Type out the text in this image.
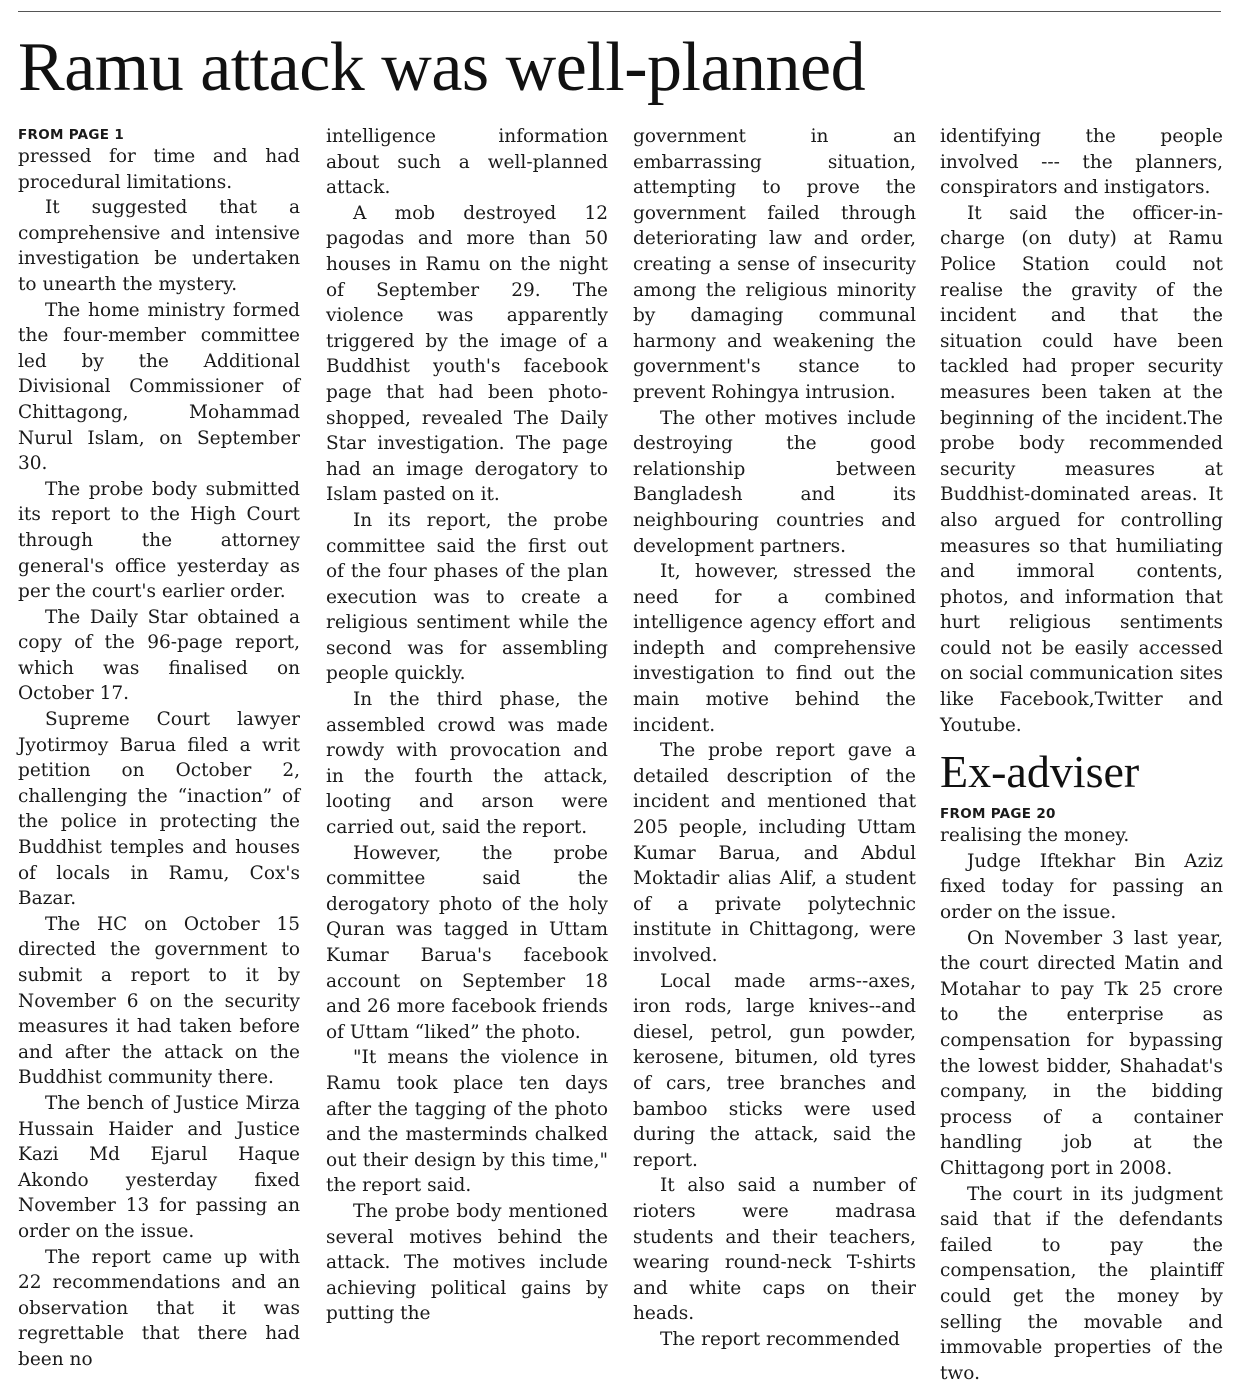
Ramu attack was well-planned
FROM PAGE 1

pressed for time and had procedural limitations.

It suggested that a comprehensive and intensive investigation be undertaken to unearth the mystery.

The home ministry formed the four-member committee led by the Additional Divisional Commissioner of Chittagong, Mohammad Nurul Islam, on September 30.

The probe body submitted its report to the High Court through the attorney general's office yesterday as per the court's earlier order.

The Daily Star obtained a copy of the 96-page report, which was finalised on October 17.

Supreme Court lawyer Jyotirmoy Barua filed a writ petition on October 2, challenging the “inaction” of the police in protecting the Buddhist temples and houses of locals in Ramu, Cox's Bazar.

The HC on October 15 directed the government to submit a report to it by November 6 on the security measures it had taken before and after the attack on the Buddhist community there.

The bench of Justice Mirza Hussain Haider and Justice Kazi Md Ejarul Haque Akondo yesterday fixed November 13 for passing an order on the issue.

The report came up with 22 recommendations and an observation that it was regrettable that there had been no

intelligence information about such a well-planned attack.

A mob destroyed 12 pagodas and more than 50 houses in Ramu on the night of September 29. The violence was apparently triggered by the image of a Buddhist youth's facebook page that had been photo-shopped, revealed The Daily Star investigation. The page had an image derogatory to Islam pasted on it.

In its report, the probe committee said the first out of the four phases of the plan execution was to create a religious sentiment while the second was for assembling people quickly.

In the third phase, the assembled crowd was made rowdy with provocation and in the fourth the attack, looting and arson were carried out, said the report.

However, the probe committee said the derogatory photo of the holy Quran was tagged in Uttam Kumar Barua's facebook account on September 18 and 26 more facebook friends of Uttam “liked” the photo.

"It means the violence in Ramu took place ten days after the tagging of the photo and the masterminds chalked out their design by this time," the report said.

The probe body mentioned several motives behind the attack. The motives include achieving political gains by putting the

government in an embarrassing situation, attempting to prove the government failed through deteriorating law and order, creating a sense of insecurity among the religious minority by damaging communal harmony and weakening the government's stance to prevent Rohingya intrusion.

The other motives include destroying the good relationship between Bangladesh and its neighbouring countries and development partners.

It, however, stressed the need for a combined intelligence agency effort and indepth and comprehensive investigation to find out the main motive behind the incident.

The probe report gave a detailed description of the incident and mentioned that 205 people, including Uttam Kumar Barua, and Abdul Moktadir alias Alif, a student of a private polytechnic institute in Chittagong, were involved.

Local made arms--axes, iron rods, large knives--and diesel, petrol, gun powder, kerosene, bitumen, old tyres of cars, tree branches and bamboo sticks were used during the attack, said the report.

It also said a number of rioters were madrasa students and their teachers, wearing round-neck T-shirts and white caps on their heads.

The report recommended

identifying the people involved --- the planners, conspirators and instigators.

It said the officer-in-charge (on duty) at Ramu Police Station could not realise the gravity of the incident and that the situation could have been tackled had proper security measures been taken at the beginning of the incident.The probe body recommended security measures at Buddhist-dominated areas. It also argued for controlling measures so that humiliating and immoral contents, photos, and information that hurt religious sentiments could not be easily accessed on social communication sites like Facebook,Twitter and Youtube.

Ex-adviser
FROM PAGE 20

realising the money.

Judge Iftekhar Bin Aziz fixed today for passing an order on the issue.

On November 3 last year, the court directed Matin and Motahar to pay Tk 25 crore to the enterprise as compensation for bypassing the lowest bidder, Shahadat's company, in the bidding process of a container handling job at the Chittagong port in 2008.

The court in its judgment said that if the defendants failed to pay the compensation, the plaintiff could get the money by selling the movable and immovable properties of the two.
